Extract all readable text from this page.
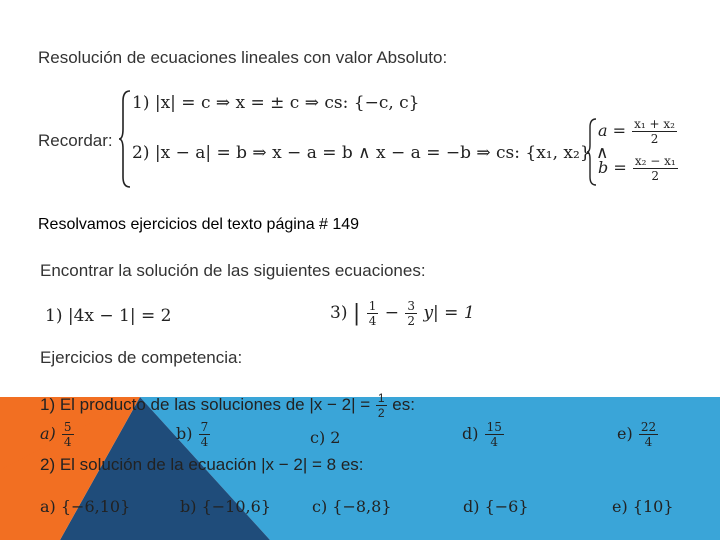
Resolución de ecuaciones lineales con valor Absoluto:
Recordar:
1) |x| = c ⇒ x = ± c ⇒ cs: {−c, c}
2) |x − a| = b ⇒ x − a = b ∧ x − a = −b ⇒ cs: {x₁, x₂} ∧
$a = \frac{\text{x₁ + x₂}}{2}$
$b = \frac{\text{x₂ − x₁}}{2}$
Resolvamos ejercicios del texto página # 149
Encontrar la solución de las siguientes ecuaciones:
1) |4x − 1| = 2	3) | $\frac{1}{4} - \frac{3}{2} y| = 1$
Ejercicios de competencia:
1) El producto de las soluciones de $|x - 2| = \frac{1}{2}$ es:
$a) \frac{5}{4}$	$b) \frac{7}{4}$	c) 2	$d) \frac{15}{4}$	$e) \frac{22}{4}$
2) El solución de la ecuación |x − 2| = 8 es:
a) {−6,10}	b) {−10,6}	c) {−8,8}	d) {−6}	e) {10}
